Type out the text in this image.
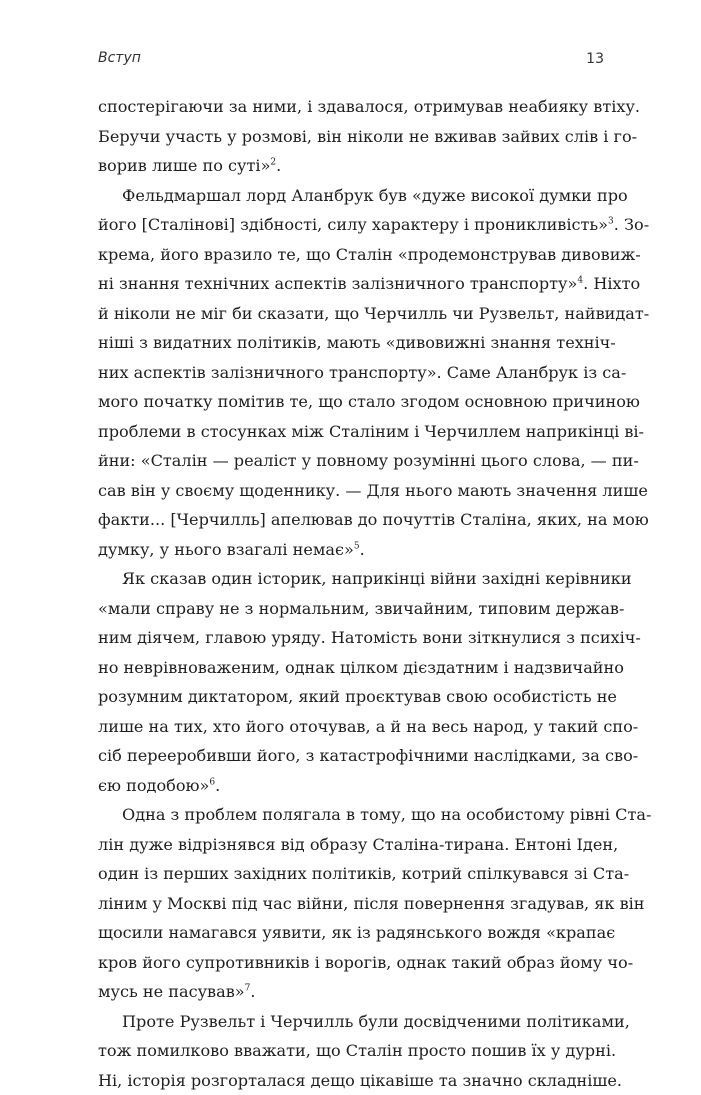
Вступ	13
спостерігаючи за ними, і здавалося, отримував неабияку втіху.
Беручи участь у розмові, він ніколи не вживав зайвих слів і го-
ворив лише по суті»$^2$.
Фельдмаршал лорд Аланбрук був «дуже високої думки про
його [Сталінові] здібності, силу характеру і проникливість»$^3$. Зо-
крема, його вразило те, що Сталін «продемонстрував дивовиж-
ні знання технічних аспектів залізничного транспорту»$^4$. Ніхто
й ніколи не міг би сказати, що Черчилль чи Рузвельт, найвидат-
ніші з видатних політиків, мають «дивовижні знання техніч-
них аспектів залізничного транспорту». Саме Аланбрук із са-
мого початку помітив те, що стало згодом основною причиною
проблеми в стосунках між Сталіним і Черчиллем наприкінці ві-
йни: «Сталін — реаліст у повному розумінні цього слова, — пи-
сав він у своєму щоденнику. — Для нього мають значення лише
факти... [Черчилль] апелював до почуттів Сталіна, яких, на мою
думку, у нього взагалі немає»$^5$.
Як сказав один історик, наприкінці війни західні керівники
«мали справу не з нормальним, звичайним, типовим держав-
ним діячем, главою уряду. Натомість вони зіткнулися з психіч-
но неврівноваженим, однак цілком дієздатним і надзвичайно
розумним диктатором, який проєктував свою особистість не
лише на тих, хто його оточував, а й на весь народ, у такий спо-
сіб перееробивши його, з катастрофічними наслідками, за сво-
єю подобою»$^6$.
Одна з проблем полягала в тому, що на особистому рівні Ста-
лін дуже відрізнявся від образу Сталіна-тирана. Ентоні Іден,
один із перших західних політиків, котрий спілкувався зі Ста-
ліним у Москві під час війни, після повернення згадував, як він
щосили намагався уявити, як із радянського вождя «крапає
кров його супротивників і ворогів, однак такий образ йому чо-
мусь не пасував»$^7$.
Проте Рузвельт і Черчилль були досвідченими політиками,
тож помилково вважати, що Сталін просто пошив їх у дурні.
Ні, історія розгорталася дещо цікавіше та значно складніше.
